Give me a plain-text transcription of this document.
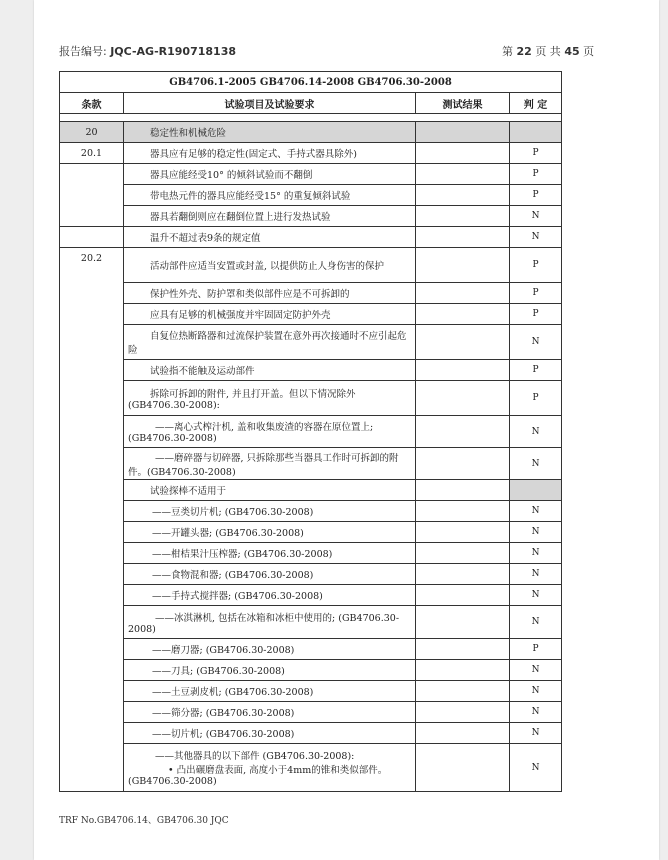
报告编号: JQC-AG-R190718138	第 22 页 共 45 页
GB4706.1-2005 GB4706.14-2008 GB4706.30-2008			
条款	试验项目及试验要求	测试结果	判 定

20	稳定性和机械危险		

20.1	器具应有足够的稳定性(固定式、手持式器具除外)		P

	器具应能经受10° 的倾斜试验而不翻倒		P

	带电热元件的器具应能经受15° 的重复倾斜试验		P

	器具若翻倒则应在翻倒位置上进行发热试验		N

	温升不超过表9条的规定值		N
20.2	活动部件应适当安置或封盖, 以提供防止人身伤害的保护		P

	保护性外壳、防护罩和类似部件应是不可拆卸的		P

	应具有足够的机械强度并牢固固定防护外壳		P

	自复位热断路器和过流保护装置在意外再次接通时不应引起危险		N

	试验指不能触及运动部件		P

	拆除可拆卸的附件, 并且打开盖。但以下情况除外 (GB4706.30-2008):		P

	——离心式榨汁机, 盖和收集废渣的容器在原位置上; (GB4706.30-2008)		N

	——磨碎器与切碎器, 只拆除那些当器具工作时可拆卸的附件。(GB4706.30-2008)		N

	试验探棒不适用于		

	——豆类切片机; (GB4706.30-2008)		N
	——开罐头器; (GB4706.30-2008)		N
	——柑桔果汁压榨器; (GB4706.30-2008)		N
	——食物混和器; (GB4706.30-2008)		N
	——手持式搅拌器; (GB4706.30-2008)		N

	——冰淇淋机, 包括在冰箱和冰柜中使用的; (GB4706.30-2008)		N
	——磨刀器; (GB4706.30-2008)		P
	——刀具; (GB4706.30-2008)		N
	——土豆剥皮机; (GB4706.30-2008)		N
	——筛分器; (GB4706.30-2008)		N
	——切片机; (GB4706.30-2008)		N

	——其他器具的以下部件 (GB4706.30-2008):
• 凸出碾磨盘表面, 高度小于4mm的锥和类似部件。(GB4706.30-2008)		N
TRF No.GB4706.14、GB4706.30 JQC
